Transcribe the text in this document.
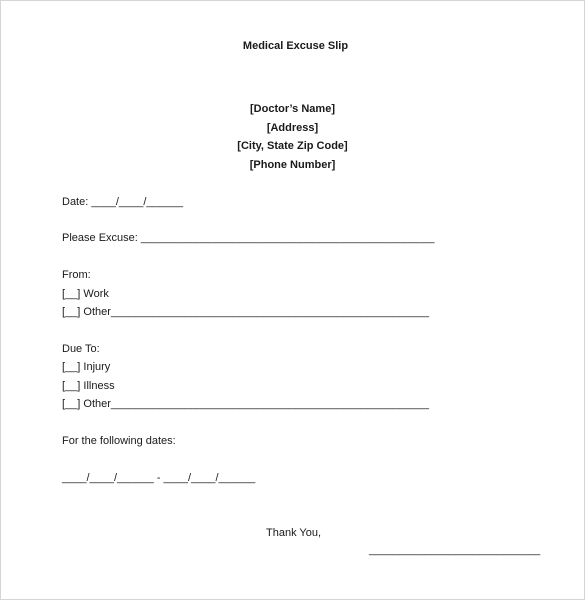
Medical Excuse Slip
[Doctor’s Name]
[Address]
[City, State Zip Code]
[Phone Number]
Date: ____/____/______
Please Excuse: ________________________________________________
From:
[__] Work
[__] Other____________________________________________________
Due To:
[__] Injury
[__] Illness
[__] Other____________________________________________________
For the following dates:
____/____/______ - ____/____/______
Thank You,
____________________________
